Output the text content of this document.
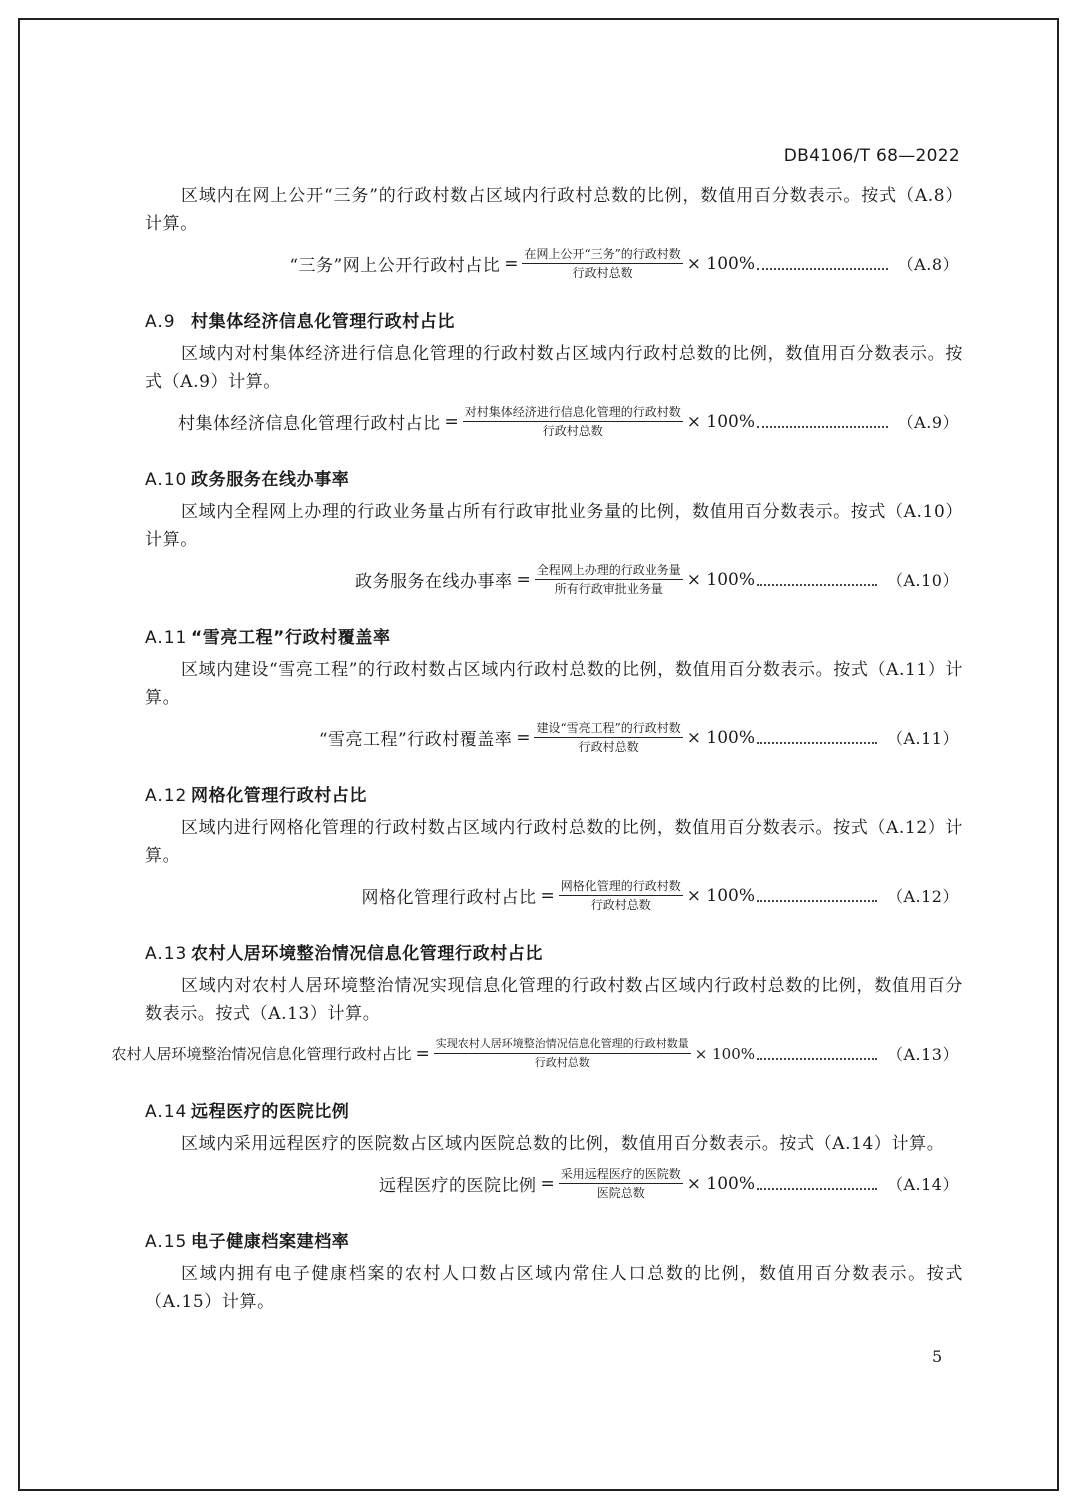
DB4106/T 68—2022

区域内在网上公开“三务”的行政村数占区域内行政村总数的比例，数值用百分数表示。按式（A.8）计算。

“三务”网上公开行政村占比 = $\frac{\text{在网上公开“三务”的行政村数}}{\text{行政村总数}} \times 100\%$	（A.8）
A.9 村集体经济信息化管理行政村占比

区域内对村集体经济进行信息化管理的行政村数占区域内行政村总数的比例，数值用百分数表示。按式（A.9）计算。

村集体经济信息化管理行政村占比 = $\frac{\text{对村集体经济进行信息化管理的行政村数}}{\text{行政村总数}} \times 100\%$	（A.9）
A.10 政务服务在线办事率

区域内全程网上办理的行政业务量占所有行政审批业务量的比例，数值用百分数表示。按式（A.10）计算。

政务服务在线办事率 = $\frac{\text{全程网上办理的行政业务量}}{\text{所有行政审批业务量}} \times 100\%$	（A.10）
A.11 “雪亮工程”行政村覆盖率

区域内建设“雪亮工程”的行政村数占区域内行政村总数的比例，数值用百分数表示。按式（A.11）计算。

“雪亮工程”行政村覆盖率 = $\frac{\text{建设“雪亮工程”的行政村数}}{\text{行政村总数}} \times 100\%$	（A.11）
A.12 网格化管理行政村占比

区域内进行网格化管理的行政村数占区域内行政村总数的比例，数值用百分数表示。按式（A.12）计算。

网格化管理行政村占比 = $\frac{\text{网格化管理的行政村数}}{\text{行政村总数}} \times 100\%$	（A.12）
A.13 农村人居环境整治情况信息化管理行政村占比

区域内对农村人居环境整治情况实现信息化管理的行政村数占区域内行政村总数的比例，数值用百分数表示。按式（A.13）计算。

农村人居环境整治情况信息化管理行政村占比 = $\frac{\text{实现农村人居环境整治情况信息化管理的行政村数量}}{\text{行政村总数}} \times 100\%$	（A.13）
A.14 远程医疗的医院比例

区域内采用远程医疗的医院数占区域内医院总数的比例，数值用百分数表示。按式（A.14）计算。

远程医疗的医院比例 = $\frac{\text{采用远程医疗的医院数}}{\text{医院总数}} \times 100\%$	（A.14）
A.15 电子健康档案建档率

区域内拥有电子健康档案的农村人口数占区域内常住人口总数的比例，数值用百分数表示。按式（A.15）计算。

5
